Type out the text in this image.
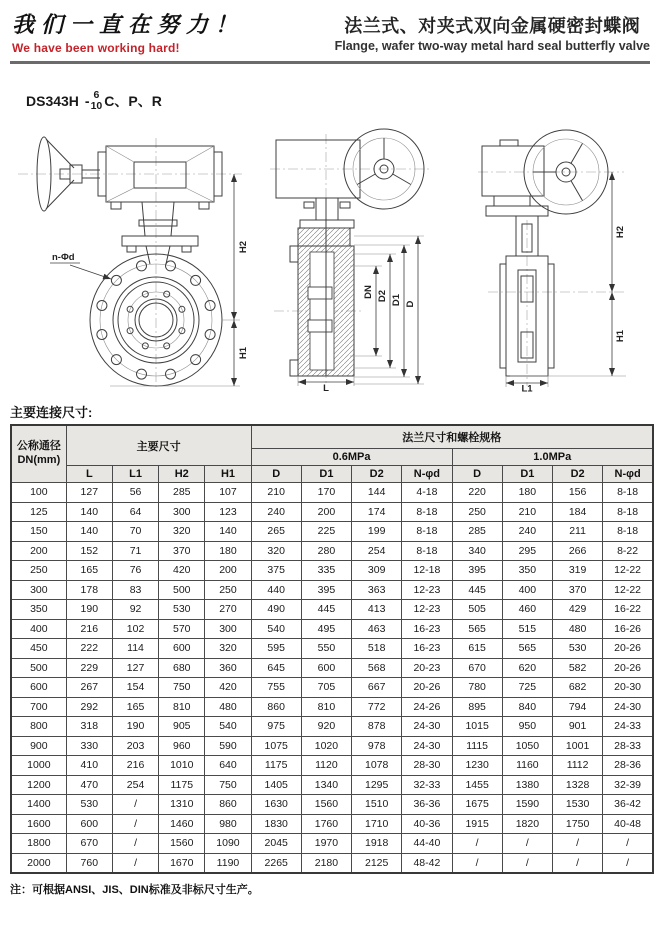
我们一直在努力！
We have been working hard!
法兰式、对夹式双向金属硬密封蝶阀
Flange, wafer two-way metal hard seal butterfly valve
DS343H - 6
10 C、P、R
n-Φd
H2
H1
DN D2 D1 D
L
H2
H1
L1
主要连接尺寸:
公称通径
DN(mm)	主要尺寸				法兰尺寸和螺栓规格							
					0.6MPa				1.0MPa			
	L	L1	H2	H1	D	D1	D2	N-φd	D	D1	D2	N-φd
100	127	56	285	107	210	170	144	4-18	220	180	156	8-18
125	140	64	300	123	240	200	174	8-18	250	210	184	8-18
150	140	70	320	140	265	225	199	8-18	285	240	211	8-18
200	152	71	370	180	320	280	254	8-18	340	295	266	8-22
250	165	76	420	200	375	335	309	12-18	395	350	319	12-22
300	178	83	500	250	440	395	363	12-23	445	400	370	12-22
350	190	92	530	270	490	445	413	12-23	505	460	429	16-22
400	216	102	570	300	540	495	463	16-23	565	515	480	16-26
450	222	114	600	320	595	550	518	16-23	615	565	530	20-26
500	229	127	680	360	645	600	568	20-23	670	620	582	20-26
600	267	154	750	420	755	705	667	20-26	780	725	682	20-30
700	292	165	810	480	860	810	772	24-26	895	840	794	24-30
800	318	190	905	540	975	920	878	24-30	1015	950	901	24-33
900	330	203	960	590	1075	1020	978	24-30	1115	1050	1001	28-33
1000	410	216	1010	640	1175	1120	1078	28-30	1230	1160	1112	28-36
1200	470	254	1175	750	1405	1340	1295	32-33	1455	1380	1328	32-39
1400	530	/	1310	860	1630	1560	1510	36-36	1675	1590	1530	36-42
1600	600	/	1460	980	1830	1760	1710	40-36	1915	1820	1750	40-48
1800	670	/	1560	1090	2045	1970	1918	44-40	/	/	/	/
2000	760	/	1670	1190	2265	2180	2125	48-42	/	/	/	/
注：可根据ANSI、JIS、DIN标准及非标尺寸生产。
